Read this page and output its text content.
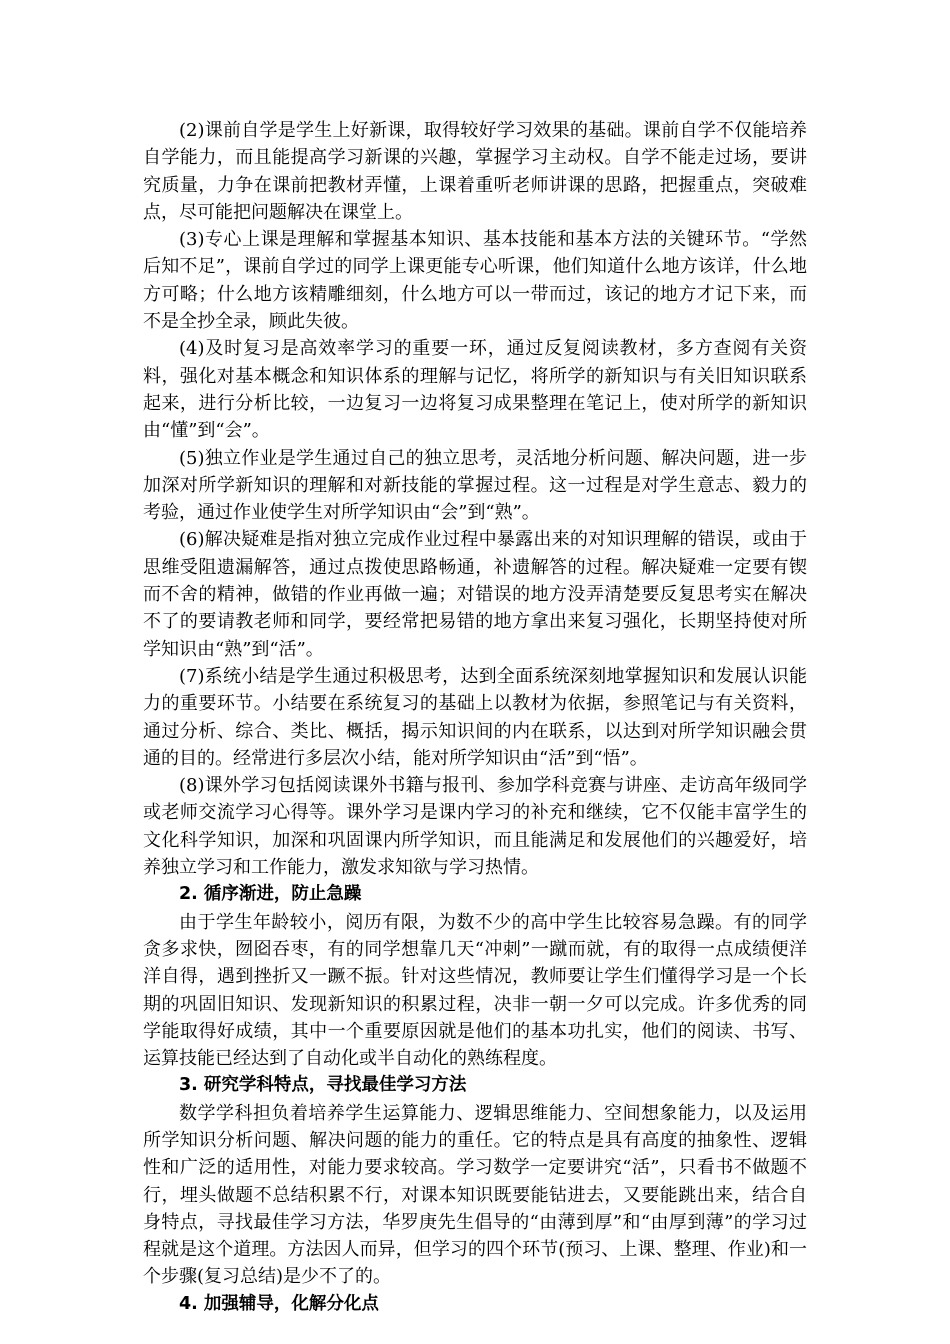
(2)课前自学是学生上好新课，取得较好学习效果的基础。课前自学不仅能培养自学能力，而且能提高学习新课的兴趣，掌握学习主动权。自学不能走过场，要讲究质量，力争在课前把教材弄懂，上课着重听老师讲课的思路，把握重点，突破难点，尽可能把问题解决在课堂上。

(3)专心上课是理解和掌握基本知识、基本技能和基本方法的关键环节。“学然后知不足”，课前自学过的同学上课更能专心听课，他们知道什么地方该详，什么地方可略；什么地方该精雕细刻，什么地方可以一带而过，该记的地方才记下来，而不是全抄全录，顾此失彼。

(4)及时复习是高效率学习的重要一环，通过反复阅读教材，多方查阅有关资料，强化对基本概念和知识体系的理解与记忆，将所学的新知识与有关旧知识联系起来，进行分析比较，一边复习一边将复习成果整理在笔记上，使对所学的新知识由“懂”到“会”。

(5)独立作业是学生通过自己的独立思考，灵活地分析问题、解决问题，进一步加深对所学新知识的理解和对新技能的掌握过程。这一过程是对学生意志、毅力的考验，通过作业使学生对所学知识由“会”到“熟”。

(6)解决疑难是指对独立完成作业过程中暴露出来的对知识理解的错误，或由于思维受阻遗漏解答，通过点拨使思路畅通，补遗解答的过程。解决疑难一定要有锲而不舍的精神，做错的作业再做一遍；对错误的地方没弄清楚要反复思考实在解决不了的要请教老师和同学，要经常把易错的地方拿出来复习强化，长期坚持使对所学知识由“熟”到“活”。

(7)系统小结是学生通过积极思考，达到全面系统深刻地掌握知识和发展认识能力的重要环节。小结要在系统复习的基础上以教材为依据，参照笔记与有关资料，通过分析、综合、类比、概括，揭示知识间的内在联系，以达到对所学知识融会贯通的目的。经常进行多层次小结，能对所学知识由“活”到“悟”。

(8)课外学习包括阅读课外书籍与报刊、参加学科竞赛与讲座、走访高年级同学或老师交流学习心得等。课外学习是课内学习的补充和继续，它不仅能丰富学生的文化科学知识，加深和巩固课内所学知识，而且能满足和发展他们的兴趣爱好，培养独立学习和工作能力，激发求知欲与学习热情。

2. 循序渐进，防止急躁

由于学生年龄较小，阅历有限，为数不少的高中学生比较容易急躁。有的同学贪多求快，囫囵吞枣，有的同学想靠几天“冲刺”一蹴而就，有的取得一点成绩便洋洋自得，遇到挫折又一蹶不振。针对这些情况，教师要让学生们懂得学习是一个长期的巩固旧知识、发现新知识的积累过程，决非一朝一夕可以完成。许多优秀的同学能取得好成绩，其中一个重要原因就是他们的基本功扎实，他们的阅读、书写、运算技能已经达到了自动化或半自动化的熟练程度。

3. 研究学科特点，寻找最佳学习方法

数学学科担负着培养学生运算能力、逻辑思维能力、空间想象能力，以及运用所学知识分析问题、解决问题的能力的重任。它的特点是具有高度的抽象性、逻辑性和广泛的适用性，对能力要求较高。学习数学一定要讲究“活”，只看书不做题不行，埋头做题不总结积累不行，对课本知识既要能钻进去，又要能跳出来，结合自身特点，寻找最佳学习方法，华罗庚先生倡导的“由薄到厚”和“由厚到薄”的学习过程就是这个道理。方法因人而异，但学习的四个环节(预习、上课、整理、作业)和一个步骤(复习总结)是少不了的。

4. 加强辅导，化解分化点
